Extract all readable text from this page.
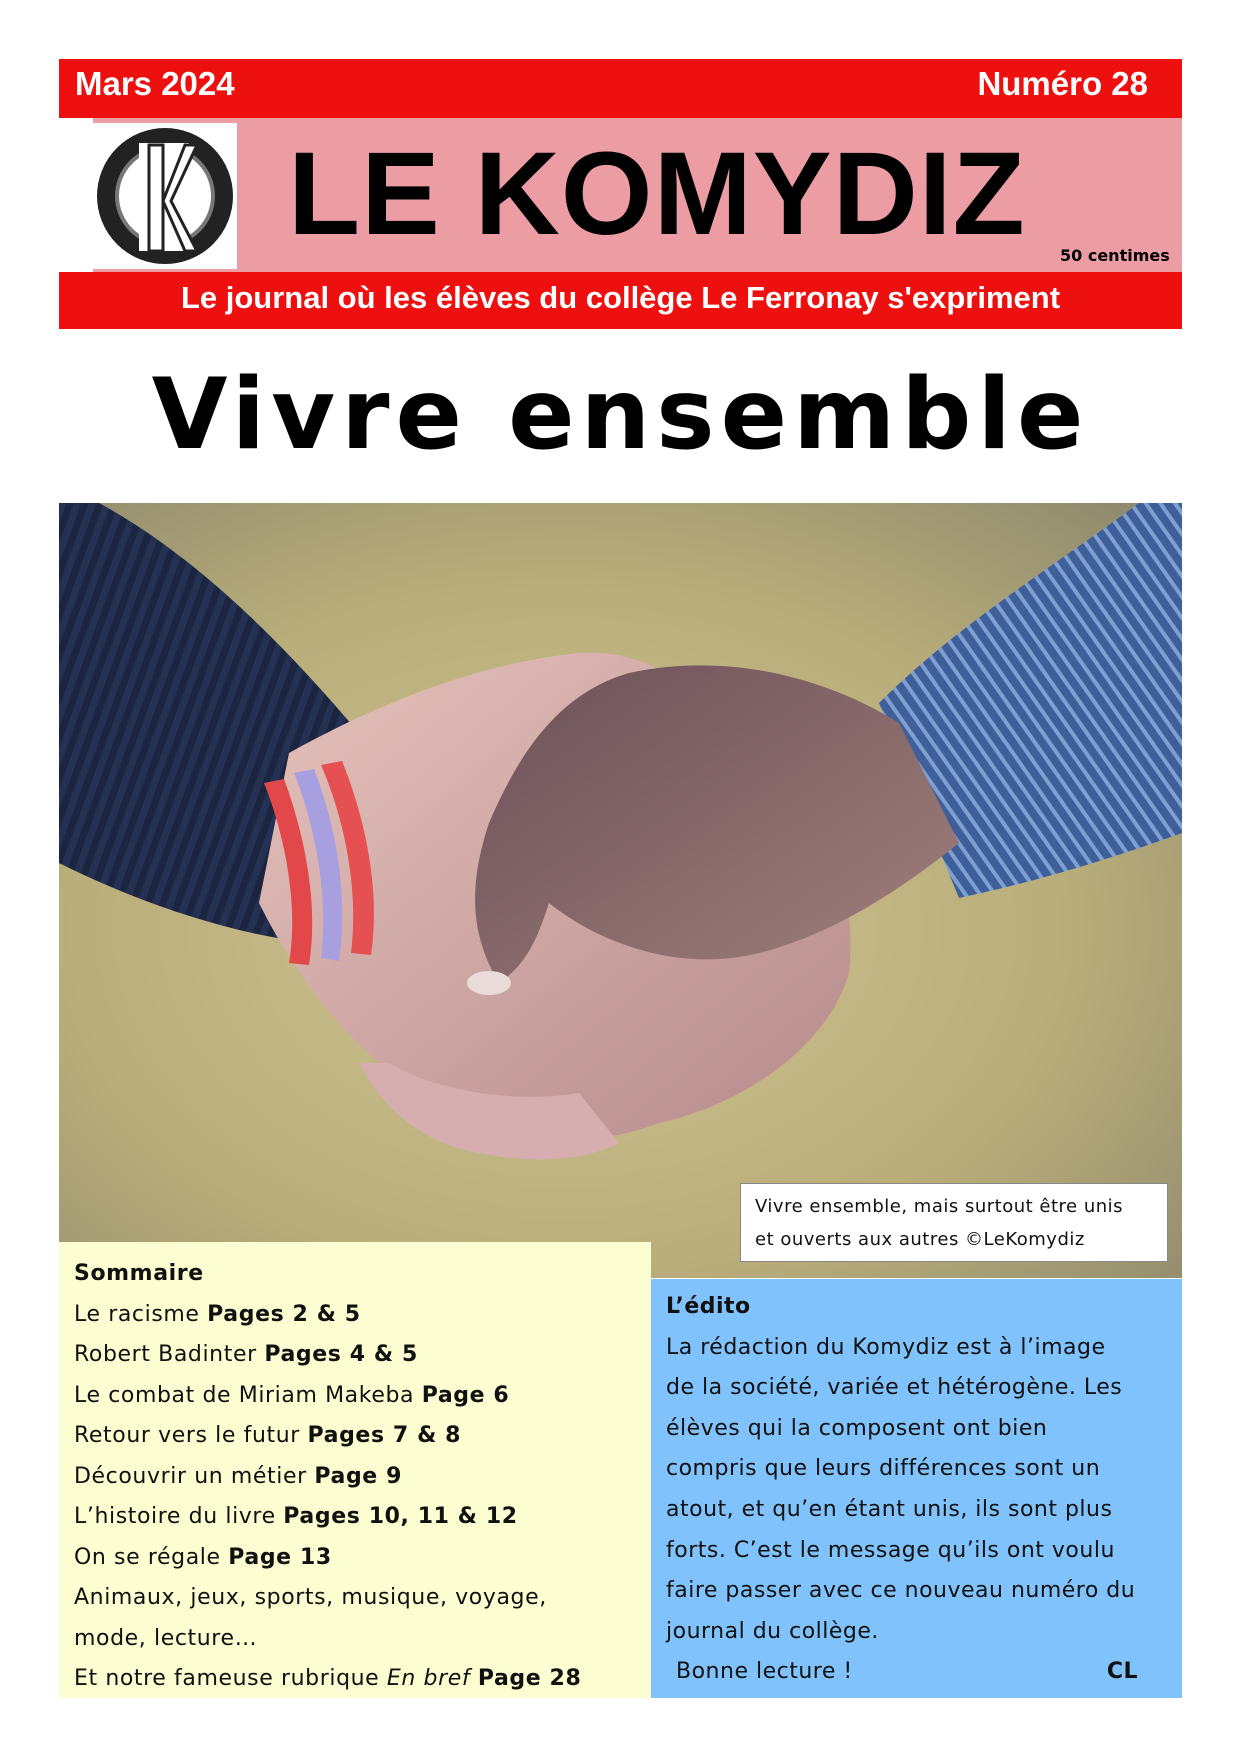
Mars 2024	Numéro 28
LE KOMYDIZ 50 centimes
Le journal où les élèves du collège Le Ferronay s'expriment
Vivre ensemble
Vivre ensemble, mais surtout être unis
et ouverts aux autres ©LeKomydiz
Sommaire
Le racisme Pages 2 & 5
Robert Badinter Pages 4 & 5
Le combat de Miriam Makeba Page 6
Retour vers le futur Pages 7 & 8
Découvrir un métier Page 9
L’histoire du livre Pages 10, 11 & 12
On se régale Page 13
Animaux, jeux, sports, musique, voyage,
mode, lecture…
Et notre fameuse rubrique En bref Page 28
L’édito
La rédaction du Komydiz est à l’image
de la société, variée et hétérogène. Les
élèves qui la composent ont bien
compris que leurs différences sont un
atout, et qu’en étant unis, ils sont plus
forts. C’est le message qu’ils ont voulu
faire passer avec ce nouveau numéro du
journal du collège.
Bonne lecture !	CL
